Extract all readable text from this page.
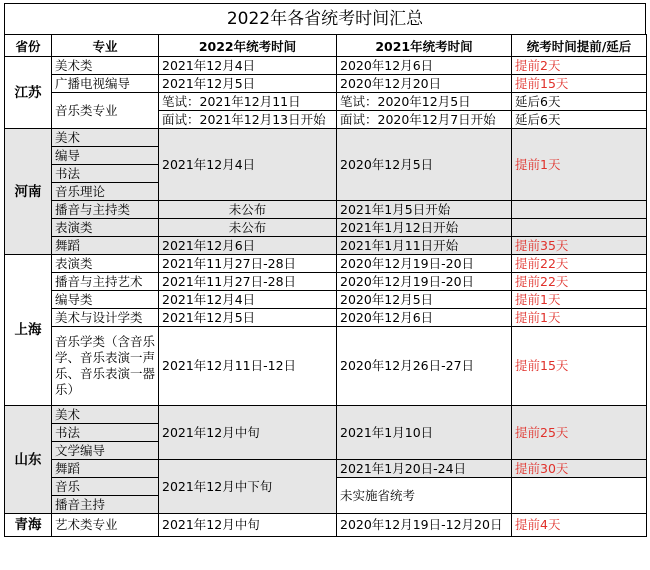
2022年各省统考时间汇总
省份	专业	2022年统考时间	2021年统考时间	统考时间提前/延后
江苏	美术类	2021年12月4日	2020年12月6日	提前2天
	广播电视编导	2021年12月5日	2020年12月20日	提前15天
	音乐类专业	笔试：2021年12月11日	笔试：2020年12月5日	延后6天
		面试：2021年12月13日开始	面试：2020年12月7日开始	延后6天
河南	美术	2021年12月4日	2020年12月5日	提前1天
	编导			
	书法			
	音乐理论			
	播音与主持类	未公布	2021年1月5日开始	
	表演类	未公布	2021年1月12日开始	
	舞蹈	2021年12月6日	2021年1月11日开始	提前35天
上海	表演类	2021年11月27日-28日	2020年12月19日-20日	提前22天
	播音与主持艺术	2021年11月27日-28日	2020年12月19日-20日	提前22天
	编导类	2021年12月4日	2020年12月5日	提前1天
	美术与设计学类	2021年12月5日	2020年12月6日	提前1天
	音乐学类（含音乐学、音乐表演一声乐、音乐表演一器乐）	2021年12月11日-12日	2020年12月26日-27日	提前15天
山东	美术	2021年12月中旬	2021年1月10日	提前25天
	书法			
	文学编导			
	舞蹈	2021年12月中下旬	2021年1月20日-24日	提前30天
	音乐		未实施省统考	
	播音主持			
青海	艺术类专业	2021年12月中旬	2020年12月19日-12月20日	提前4天
